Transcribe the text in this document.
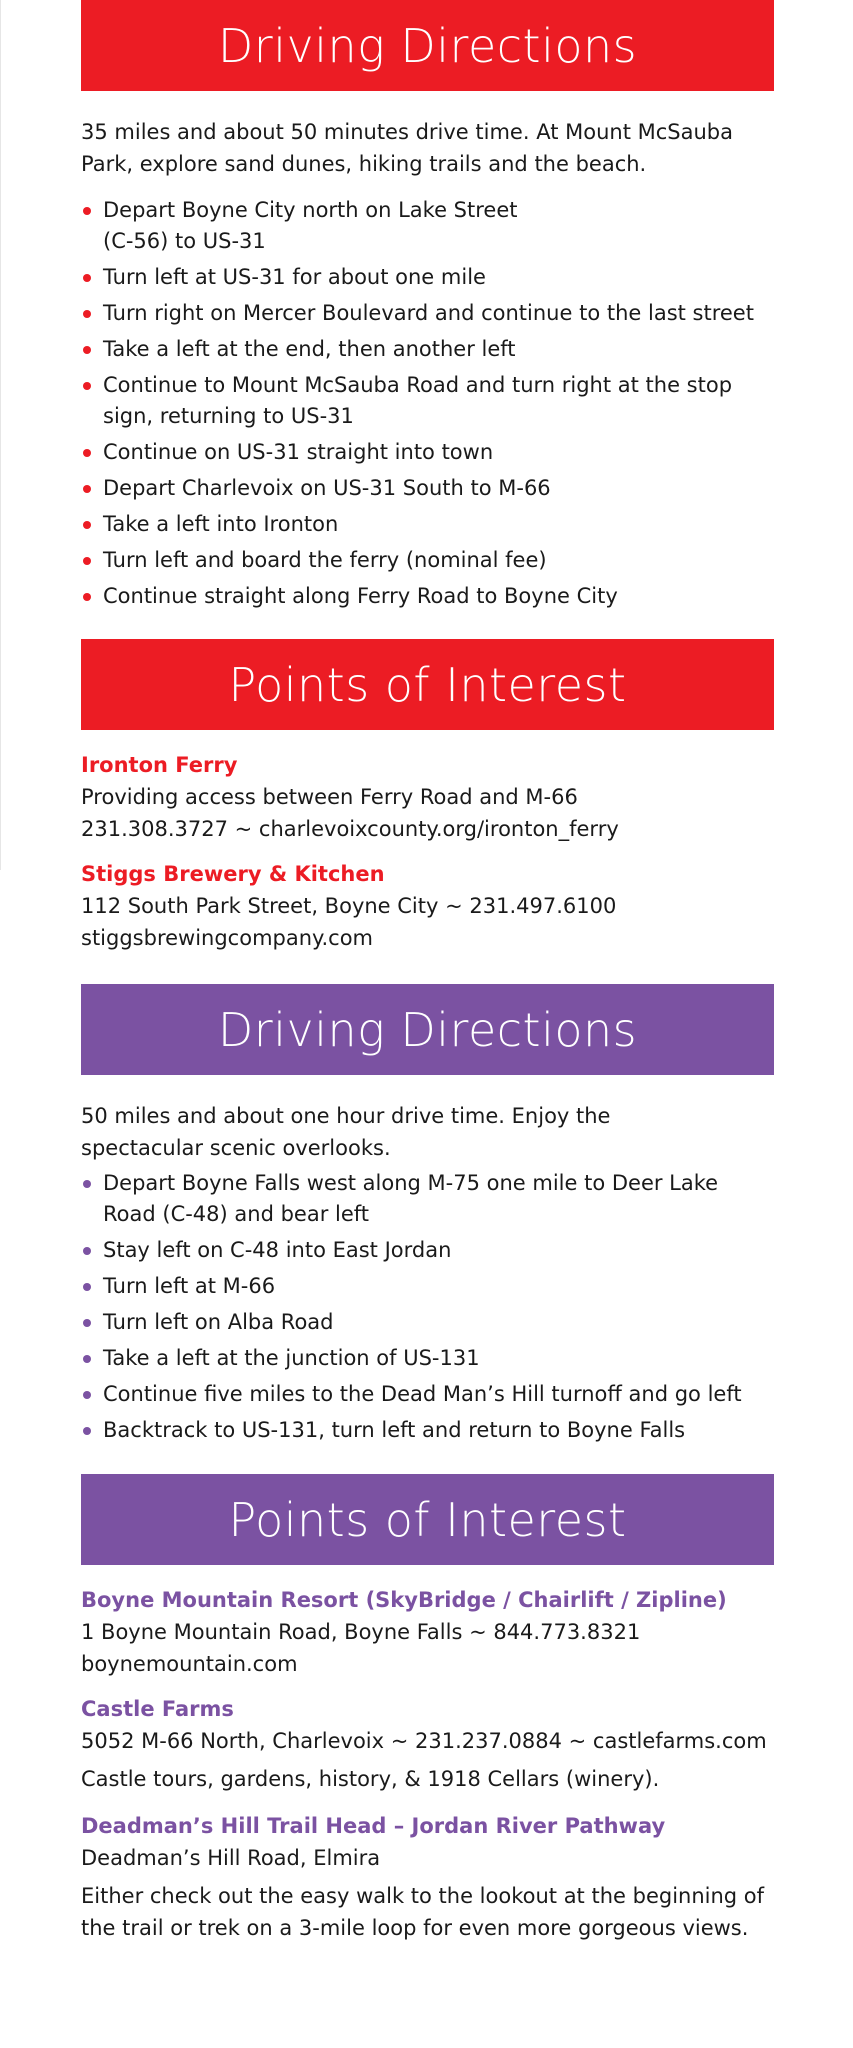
Driving Directions

35 miles and about 50 minutes drive time. At Mount McSauba Park, explore sand dunes, hiking trails and the beach.

Depart Boyne City north on Lake Street (C-56) to US-31
Turn left at US-31 for about one mile
Turn right on Mercer Boulevard and continue to the last street
Take a left at the end, then another left
Continue to Mount McSauba Road and turn right at the stop sign, returning to US-31
Continue on US-31 straight into town
Depart Charlevoix on US-31 South to M-66
Take a left into Ironton
Turn left and board the ferry (nominal fee)
Continue straight along Ferry Road to Boyne City
Points of Interest

Ironton Ferry

Providing access between Ferry Road and M-66

231.308.3727 ~ charlevoixcounty.org/ironton_ferry

Stiggs Brewery & Kitchen

112 South Park Street, Boyne City ~ 231.497.6100

stiggsbrewingcompany.com

Driving Directions

50 miles and about one hour drive time. Enjoy the spectacular scenic overlooks.

Depart Boyne Falls west along M-75 one mile to Deer Lake Road (C-48) and bear left
Stay left on C-48 into East Jordan
Turn left at M-66
Turn left on Alba Road
Take a left at the junction of US-131
Continue five miles to the Dead Man’s Hill turnoff and go left
Backtrack to US-131, turn left and return to Boyne Falls
Points of Interest

Boyne Mountain Resort (SkyBridge / Chairlift / Zipline)

1 Boyne Mountain Road, Boyne Falls ~ 844.773.8321

boynemountain.com

Castle Farms

5052 M-66 North, Charlevoix ~ 231.237.0884 ~ castlefarms.com

Castle tours, gardens, history, & 1918 Cellars (winery).

Deadman’s Hill Trail Head – Jordan River Pathway

Deadman’s Hill Road, Elmira

Either check out the easy walk to the lookout at the beginning of the trail or trek on a 3-mile loop for even more gorgeous views.
